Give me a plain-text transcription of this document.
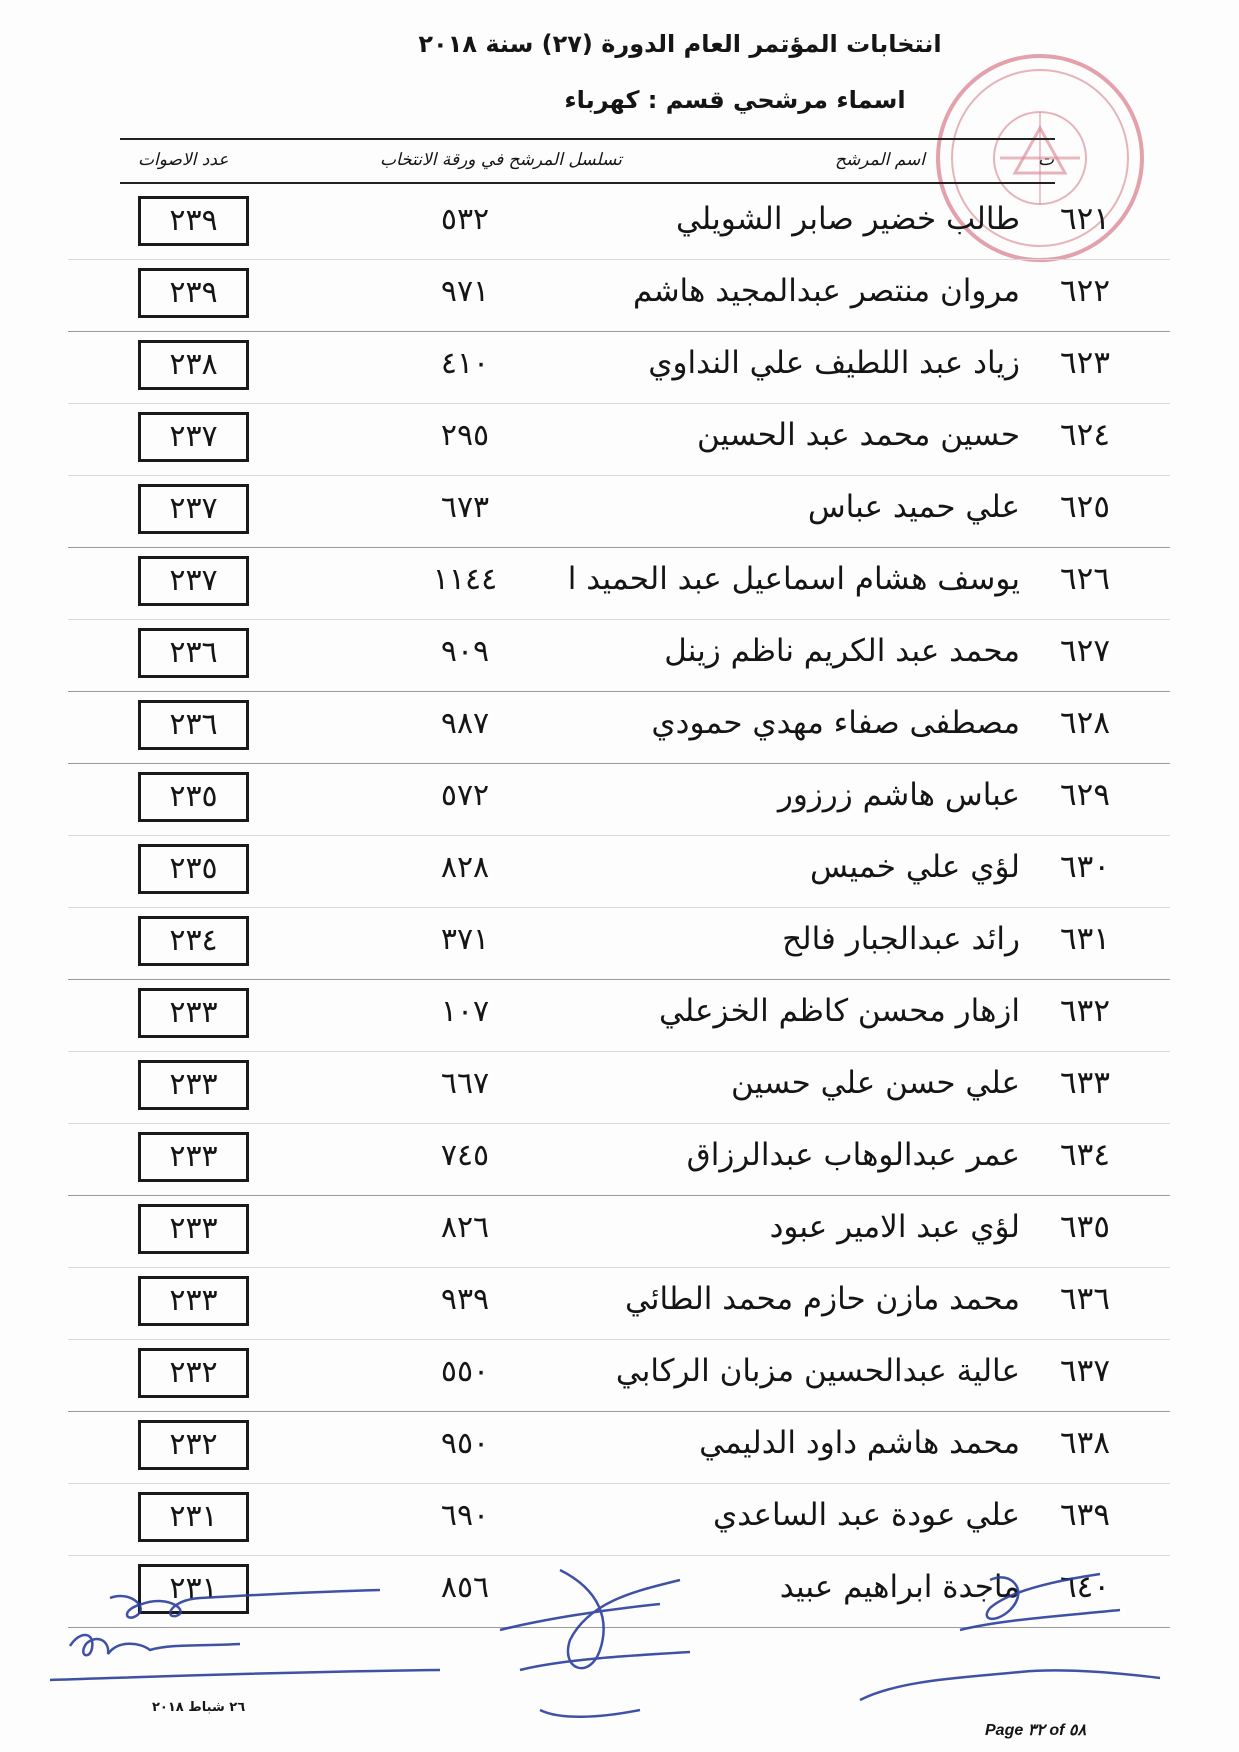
انتخابات المؤتمر العام الدورة (٢٧) سنة ٢٠١٨
اسماء مرشحي قسم : كهرباء
عدد الاصوات	تسلسل المرشح في ورقة الانتخاب	اسم المرشح	ت
٢٣٩	٥٣٢	طالب خضير صابر الشويلي	٦٢١
٢٣٩	٩٧١	مروان منتصر عبدالمجيد هاشم	٦٢٢
٢٣٨	٤١٠	زياد عبد اللطيف علي النداوي	٦٢٣
٢٣٧	٢٩٥	حسين محمد عبد الحسين	٦٢٤
٢٣٧	٦٧٣	علي حميد عباس	٦٢٥
٢٣٧	١١٤٤	يوسف هشام اسماعيل عبد الحميد ا	٦٢٦
٢٣٦	٩٠٩	محمد عبد الكريم ناظم زينل	٦٢٧
٢٣٦	٩٨٧	مصطفى صفاء مهدي حمودي	٦٢٨
٢٣٥	٥٧٢	عباس هاشم زرزور	٦٢٩
٢٣٥	٨٢٨	لؤي علي خميس	٦٣٠
٢٣٤	٣٧١	رائد عبدالجبار فالح	٦٣١
٢٣٣	١٠٧	ازهار محسن كاظم الخزعلي	٦٣٢
٢٣٣	٦٦٧	علي حسن علي حسين	٦٣٣
٢٣٣	٧٤٥	عمر عبدالوهاب عبدالرزاق	٦٣٤
٢٣٣	٨٢٦	لؤي عبد الامير عبود	٦٣٥
٢٣٣	٩٣٩	محمد مازن حازم محمد الطائي	٦٣٦
٢٣٢	٥٥٠	عالية عبدالحسين مزبان الركابي	٦٣٧
٢٣٢	٩٥٠	محمد هاشم داود الدليمي	٦٣٨
٢٣١	٦٩٠	علي عودة عبد الساعدي	٦٣٩
٢٣١	٨٥٦	ماجدة ابراهيم عبيد	٦٤٠
٢٦ شباط ٢٠١٨
Page ٣٢ of ٥٨
